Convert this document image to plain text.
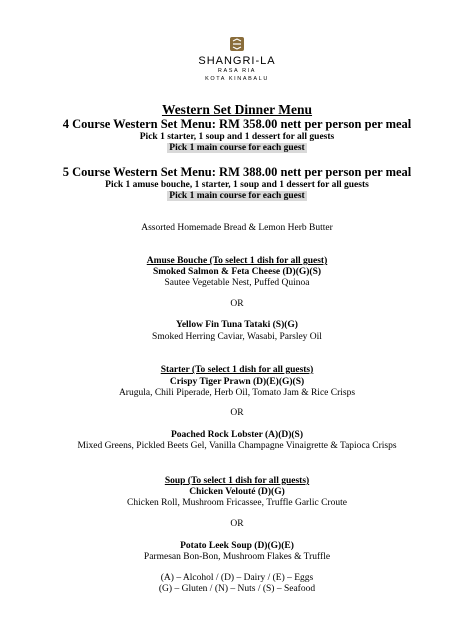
SHANGRI-LA
RASA RIA
KOTA KINABALU
Western Set Dinner Menu
4 Course Western Set Menu: RM 358.00 nett per person per meal
Pick 1 starter, 1 soup and 1 dessert for all guests
Pick 1 main course for each guest
5 Course Western Set Menu: RM 388.00 nett per person per meal
Pick 1 amuse bouche, 1 starter, 1 soup and 1 dessert for all guests
Pick 1 main course for each guest
Assorted Homemade Bread & Lemon Herb Butter
Amuse Bouche (To select 1 dish for all guest)
Smoked Salmon & Feta Cheese (D)(G)(S)
Sautee Vegetable Nest, Puffed Quinoa
OR
Yellow Fin Tuna Tataki (S)(G)
Smoked Herring Caviar, Wasabi, Parsley Oil
Starter (To select 1 dish for all guests)
Crispy Tiger Prawn (D)(E)(G)(S)
Arugula, Chili Piperade, Herb Oil, Tomato Jam & Rice Crisps
OR
Poached Rock Lobster (A)(D)(S)
Mixed Greens, Pickled Beets Gel, Vanilla Champagne Vinaigrette & Tapioca Crisps
Soup (To select 1 dish for all guests)
Chicken Velouté (D)(G)
Chicken Roll, Mushroom Fricassee, Truffle Garlic Croute
OR
Potato Leek Soup (D)(G)(E)
Parmesan Bon-Bon, Mushroom Flakes & Truffle
(A) – Alcohol / (D) – Dairy / (E) – Eggs
(G) – Gluten / (N) – Nuts / (S) – Seafood
